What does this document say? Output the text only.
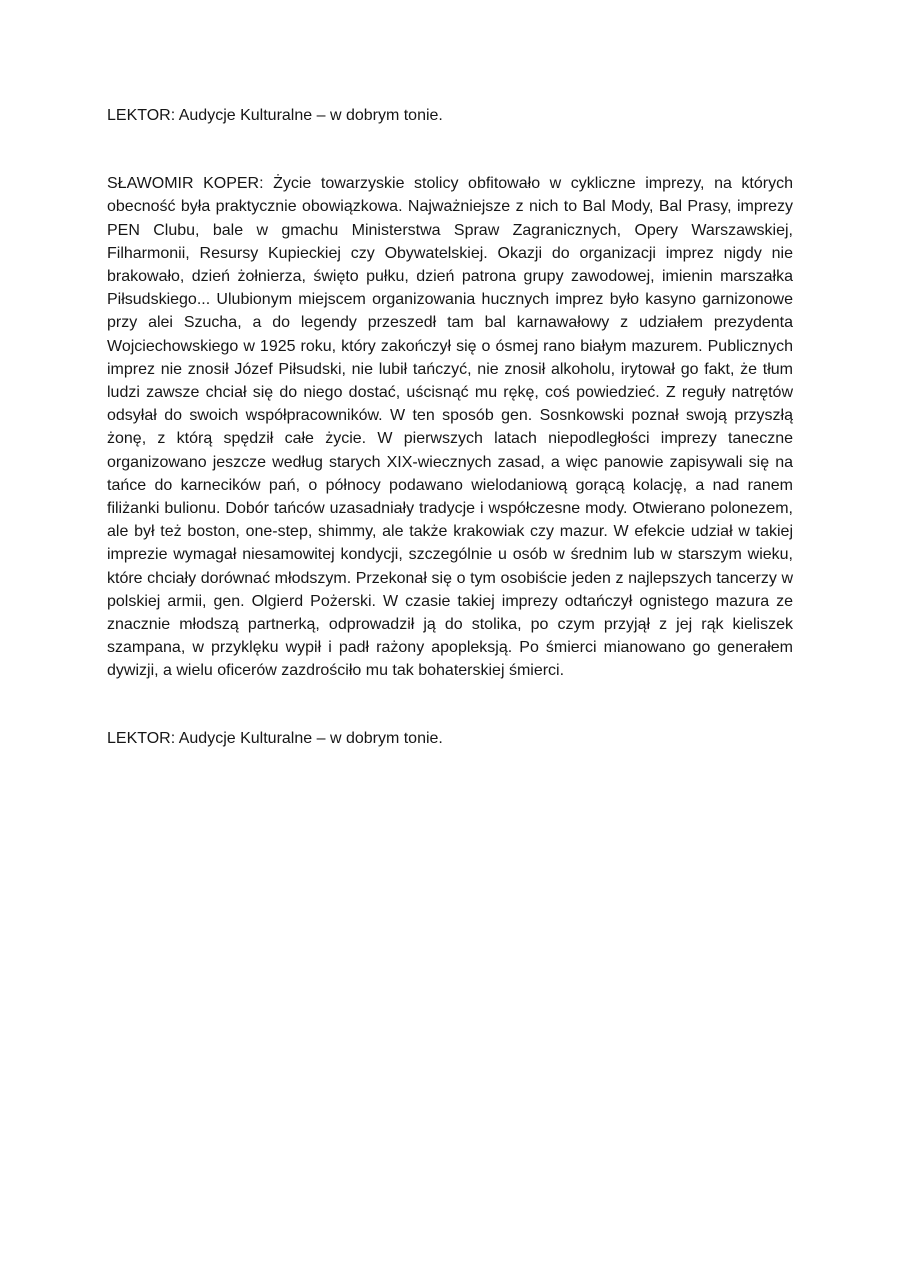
LEKTOR: Audycje Kulturalne – w dobrym tonie.

SŁAWOMIR KOPER: Życie towarzyskie stolicy obfitowało w cykliczne imprezy, na których obecność była praktycznie obowiązkowa. Najważniejsze z nich to Bal Mody, Bal Prasy, imprezy PEN Clubu, bale w gmachu Ministerstwa Spraw Zagranicznych, Opery Warszawskiej, Filharmonii, Resursy Kupieckiej czy Obywatelskiej. Okazji do organizacji imprez nigdy nie brakowało, dzień żołnierza, święto pułku, dzień patrona grupy zawodowej, imienin marszałka Piłsudskiego... Ulubionym miejscem organizowania hucznych imprez było kasyno garnizonowe przy alei Szucha, a do legendy przeszedł tam bal karnawałowy z udziałem prezydenta Wojciechowskiego w 1925 roku, który zakończył się o ósmej rano białym mazurem. Publicznych imprez nie znosił Józef Piłsudski, nie lubił tańczyć, nie znosił alkoholu, irytował go fakt, że tłum ludzi zawsze chciał się do niego dostać, uścisnąć mu rękę, coś powiedzieć. Z reguły natrętów odsyłał do swoich współpracowników. W ten sposób gen. Sosnkowski poznał swoją przyszłą żonę, z którą spędził całe życie. W pierwszych latach niepodległości imprezy taneczne organizowano jeszcze według starych XIX-wiecznych zasad, a więc panowie zapisywali się na tańce do karnecików pań, o północy podawano wielodaniową gorącą kolację, a nad ranem filiżanki bulionu. Dobór tańców uzasadniały tradycje i współczesne mody. Otwierano polonezem, ale był też boston, one-step, shimmy, ale także krakowiak czy mazur. W efekcie udział w takiej imprezie wymagał niesamowitej kondycji, szczególnie u osób w średnim lub w starszym wieku, które chciały dorównać młodszym. Przekonał się o tym osobiście jeden z najlepszych tancerzy w polskiej armii, gen. Olgierd Pożerski. W czasie takiej imprezy odtańczył ognistego mazura ze znacznie młodszą partnerką, odprowadził ją do stolika, po czym przyjął z jej rąk kieliszek szampana, w przyklęku wypił i padł rażony apopleksją. Po śmierci mianowano go generałem dywizji, a wielu oficerów zazdrościło mu tak bohaterskiej śmierci.

LEKTOR: Audycje Kulturalne – w dobrym tonie.
